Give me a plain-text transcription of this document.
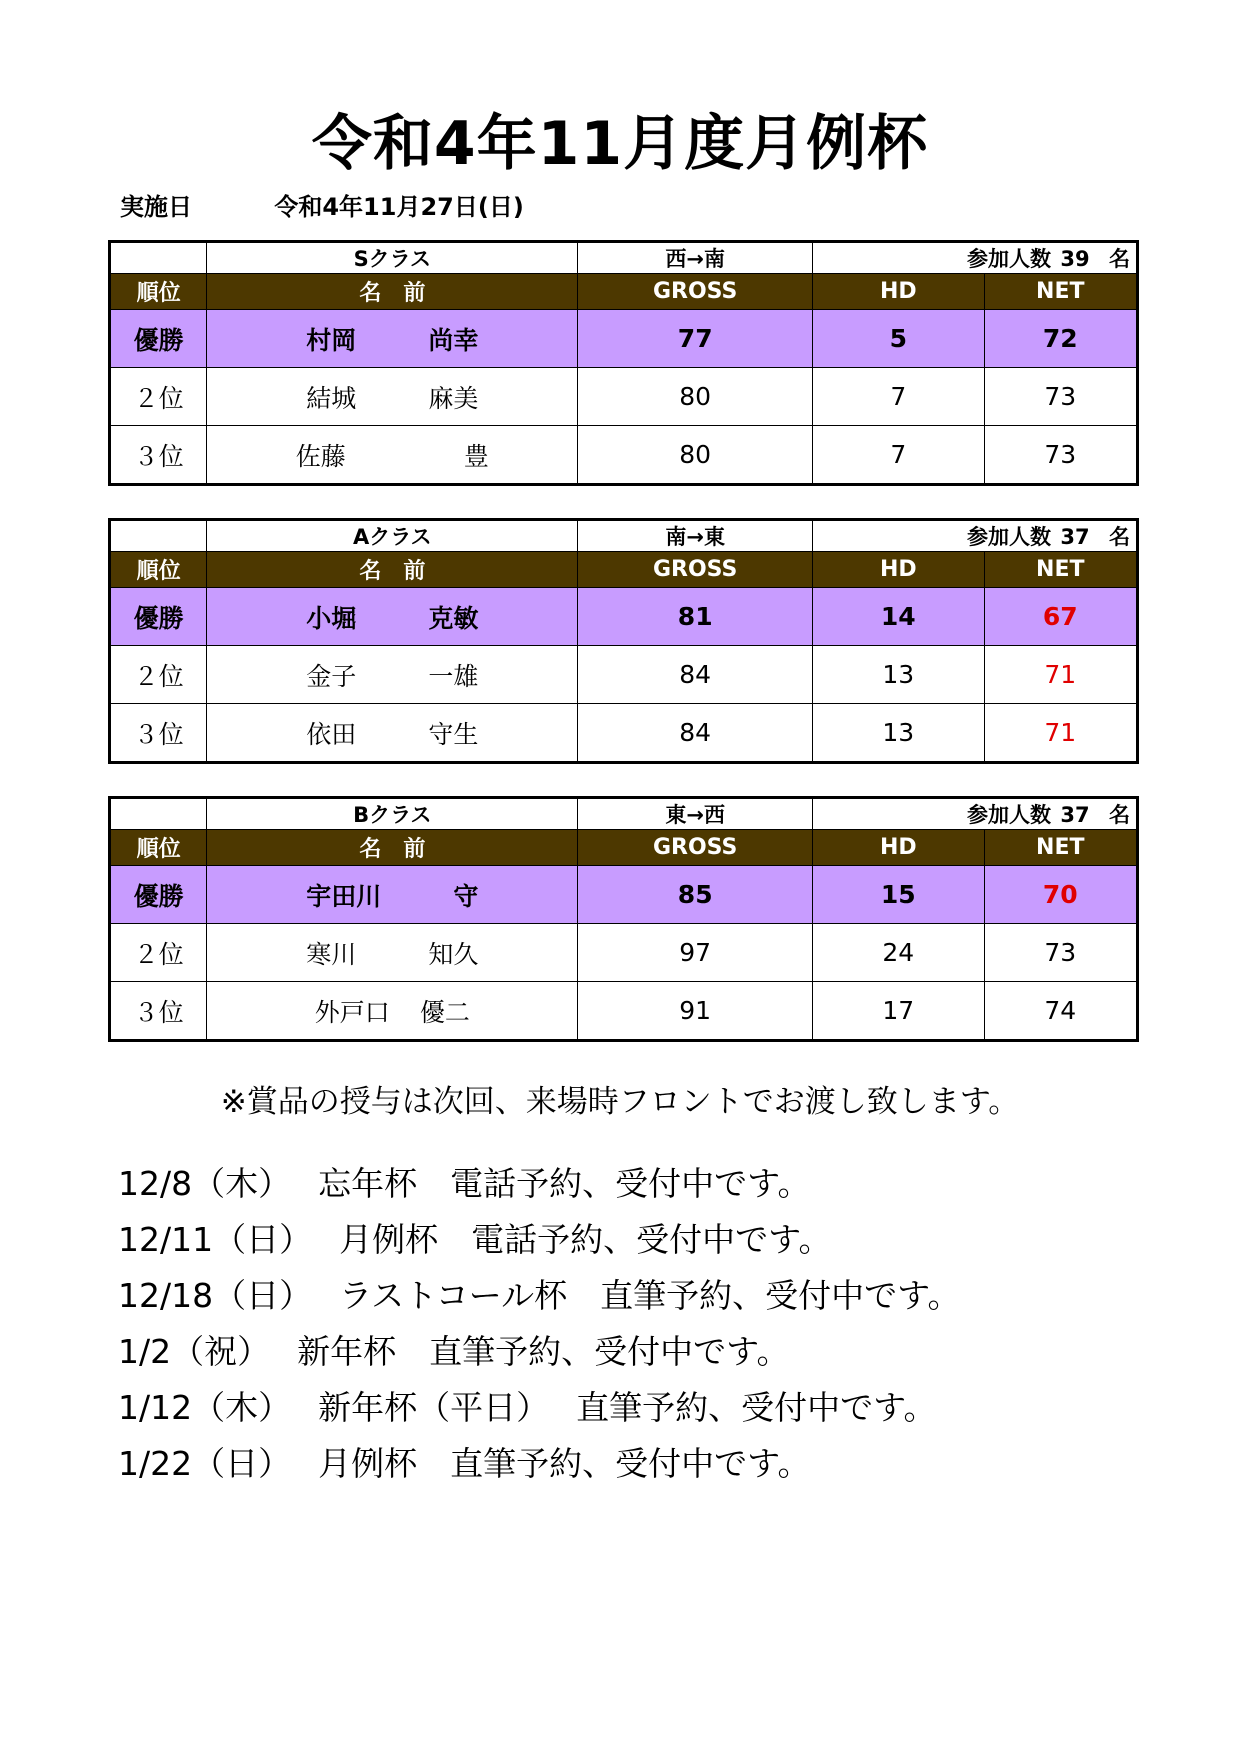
令和4年11月度月例杯
実施日	令和4年11月27日(日)
	Sクラス	西→南	参加人数 39 名	
順位	名　前	GROSS	HD	NET
優勝	村岡 尚幸	77	5	72
２位	結城 麻美	80	7	73
３位	佐藤 豊	80	7	73
	Aクラス	南→東	参加人数 37 名	
順位	名　前	GROSS	HD	NET
優勝	小堀 克敏	81	14	67
２位	金子 一雄	84	13	71
３位	依田 守生	84	13	71
	Bクラス	東→西	参加人数 37 名	
順位	名　前	GROSS	HD	NET
優勝	宇田川 守	85	15	70
２位	寒川 知久	97	24	73
３位	外戸口 優二	91	17	74
※賞品の授与は次回、来場時フロントでお渡し致します。
12/8（木）　 忘年杯　電話予約、受付中です。
12/11（日）　 月例杯　電話予約、受付中です。
12/18（日）　 ラストコール杯　直筆予約、受付中です。
1/2（祝）　 新年杯　直筆予約、受付中です。
1/12（木）　 新年杯（平日）　 直筆予約、受付中です。
1/22（日）　 月例杯　直筆予約、受付中です。
